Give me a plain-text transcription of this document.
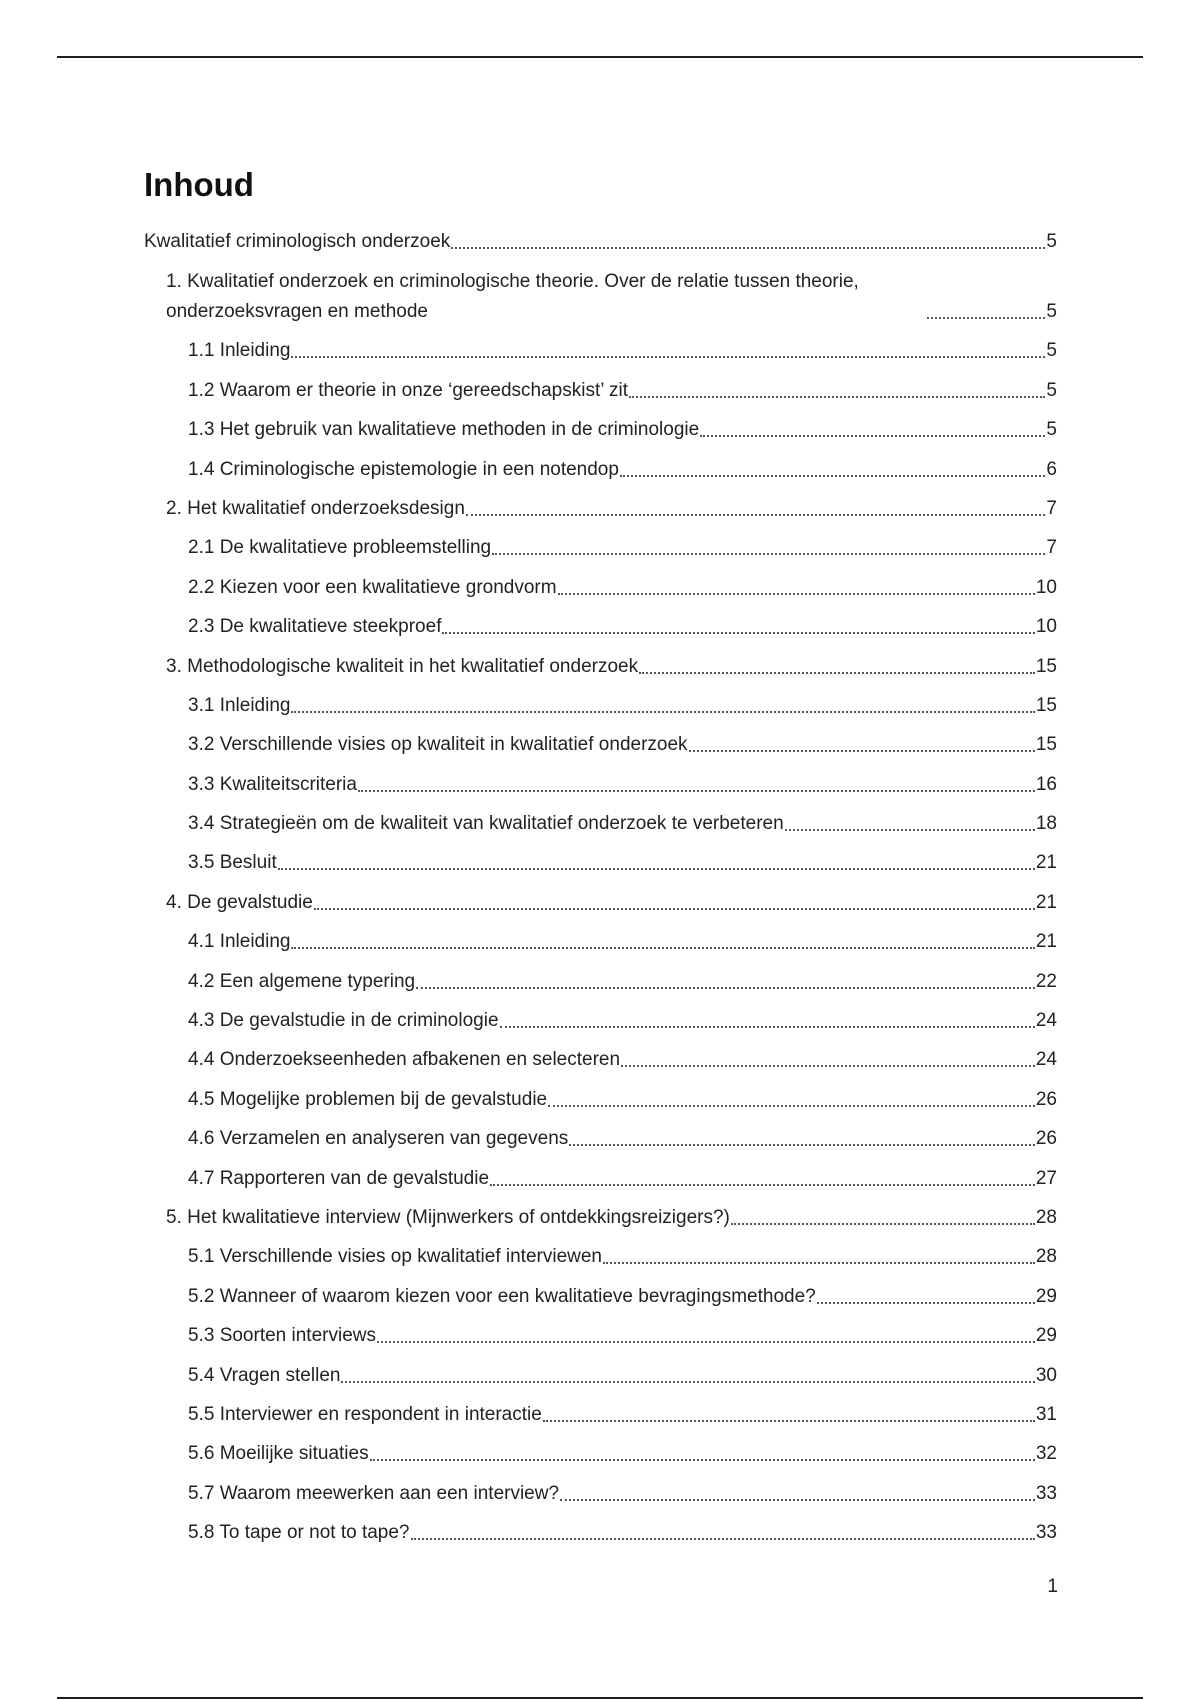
Inhoud
Kwalitatief criminologisch onderzoek	5
1. Kwalitatief onderzoek en criminologische theorie. Over de relatie tussen theorie, onderzoeksvragen en methode	5
1.1 Inleiding	5
1.2 Waarom er theorie in onze ‘gereedschapskist’ zit	5
1.3 Het gebruik van kwalitatieve methoden in de criminologie	5
1.4 Criminologische epistemologie in een notendop	6
2. Het kwalitatief onderzoeksdesign	7
2.1 De kwalitatieve probleemstelling	7
2.2 Kiezen voor een kwalitatieve grondvorm	10
2.3 De kwalitatieve steekproef	10
3. Methodologische kwaliteit in het kwalitatief onderzoek	15
3.1 Inleiding	15
3.2 Verschillende visies op kwaliteit in kwalitatief onderzoek	15
3.3 Kwaliteitscriteria	16
3.4 Strategieën om de kwaliteit van kwalitatief onderzoek te verbeteren	18
3.5 Besluit	21
4. De gevalstudie	21
4.1 Inleiding	21
4.2 Een algemene typering	22
4.3 De gevalstudie in de criminologie	24
4.4 Onderzoekseenheden afbakenen en selecteren	24
4.5 Mogelijke problemen bij de gevalstudie	26
4.6 Verzamelen en analyseren van gegevens	26
4.7 Rapporteren van de gevalstudie	27
5. Het kwalitatieve interview (Mijnwerkers of ontdekkingsreizigers?)	28
5.1 Verschillende visies op kwalitatief interviewen	28
5.2 Wanneer of waarom kiezen voor een kwalitatieve bevragingsmethode?	29
5.3 Soorten interviews	29
5.4 Vragen stellen	30
5.5 Interviewer en respondent in interactie	31
5.6 Moeilijke situaties	32
5.7 Waarom meewerken aan een interview?	33
5.8 To tape or not to tape?	33
1
